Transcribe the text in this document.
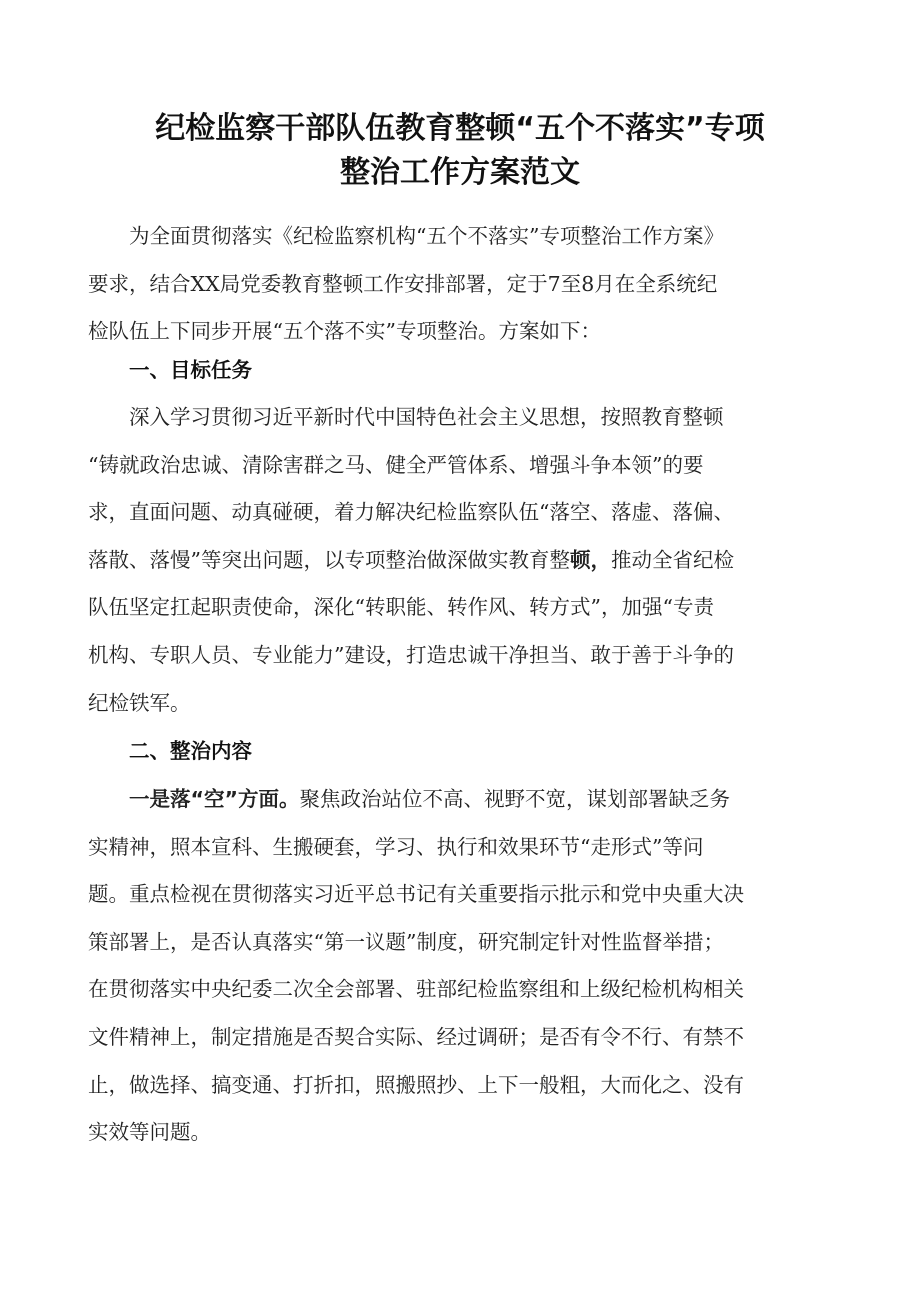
纪检监察干部队伍教育整顿“五个不落实”专项
整治工作方案范文

为全面贯彻落实《纪检监察机构“五个不落实”专项整治工作方案》
要求，结合XX局党委教育整顿工作安排部署，定于7至8月在全系统纪
检队伍上下同步开展“五个落不实”专项整治。方案如下：

一、目标任务

深入学习贯彻习近平新时代中国特色社会主义思想，按照教育整顿
“铸就政治忠诚、清除害群之马、健全严管体系、增强斗争本领”的要
求，直面问题、动真碰硬，着力解决纪检监察队伍“落空、落虚、落偏、
落散、落慢”等突出问题，以专项整治做深做实教育整顿，推动全省纪检
队伍坚定扛起职责使命，深化“转职能、转作风、转方式”，加强“专责
机构、专职人员、专业能力”建设，打造忠诚干净担当、敢于善于斗争的
纪检铁军。

二、整治内容

一是落“空”方面。聚焦政治站位不高、视野不宽，谋划部署缺乏务
实精神，照本宣科、生搬硬套，学习、执行和效果环节“走形式”等问
题。重点检视在贯彻落实习近平总书记有关重要指示批示和党中央重大决
策部署上，是否认真落实“第一议题”制度，研究制定针对性监督举措；
在贯彻落实中央纪委二次全会部署、驻部纪检监察组和上级纪检机构相关
文件精神上，制定措施是否契合实际、经过调研；是否有令不行、有禁不
止，做选择、搞变通、打折扣，照搬照抄、上下一般粗，大而化之、没有
实效等问题。
